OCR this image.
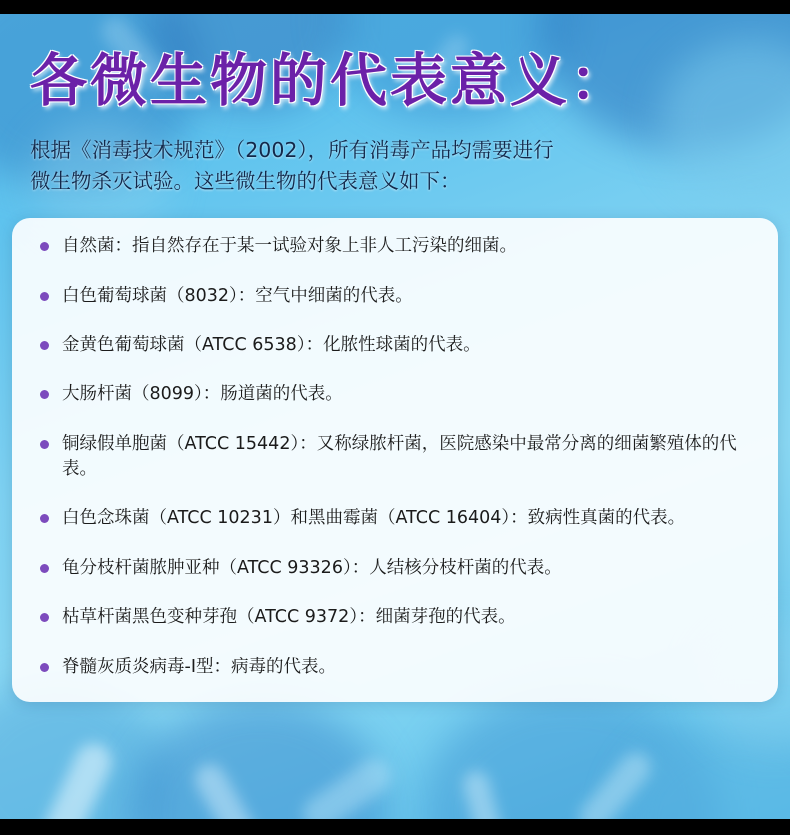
各微生物的代表意义：
根据《消毒技术规范》（2002），所有消毒产品均需要进行
微生物杀灭试验。这些微生物的代表意义如下：
自然菌：指自然存在于某一试验对象上非人工污染的细菌。
白色葡萄球菌（8032）：空气中细菌的代表。
金黄色葡萄球菌（ATCC 6538）：化脓性球菌的代表。
大肠杆菌（8099）：肠道菌的代表。
铜绿假单胞菌（ATCC 15442）：又称绿脓杆菌，医院感染中最常分离的细菌繁殖体的代表。
白色念珠菌（ATCC 10231）和黑曲霉菌（ATCC 16404）：致病性真菌的代表。
龟分枝杆菌脓肿亚种（ATCC 93326）：人结核分枝杆菌的代表。
枯草杆菌黑色变种芽孢（ATCC 9372）：细菌芽孢的代表。
脊髓灰质炎病毒-I型：病毒的代表。
